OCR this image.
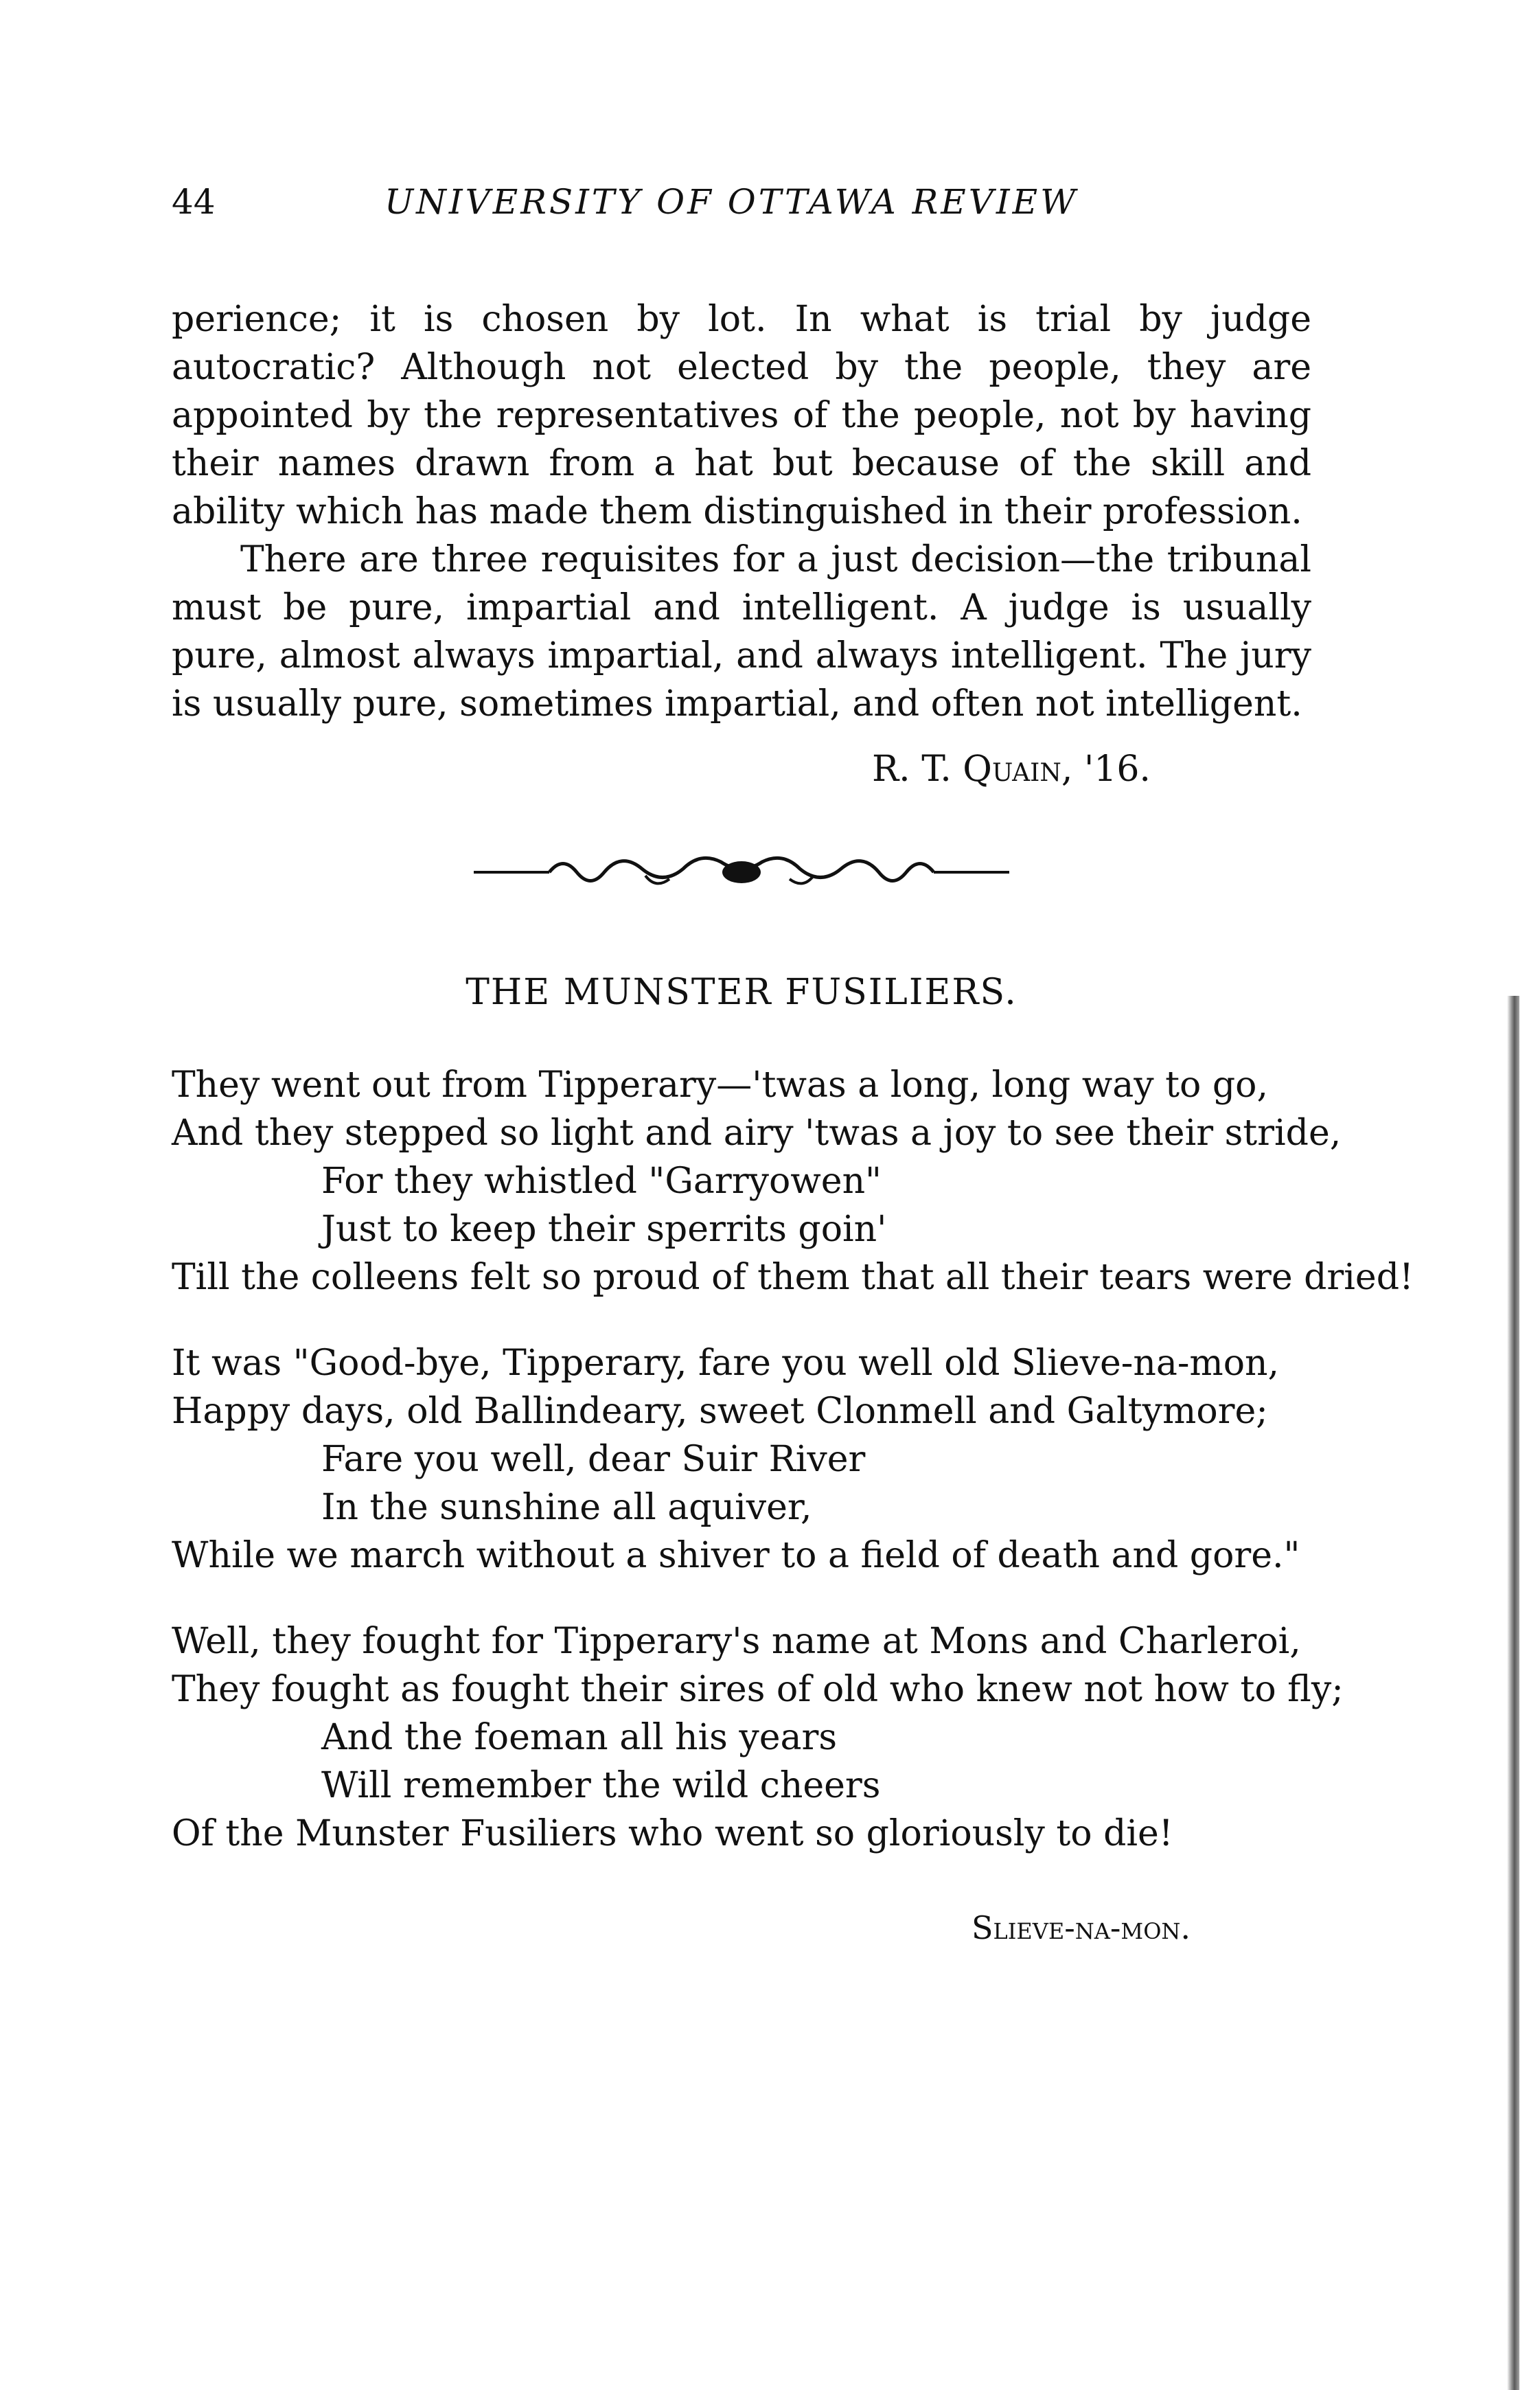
44	UNIVERSITY OF OTTAWA REVIEW

perience; it is chosen by lot. In what is trial by judge autocratic? Although not elected by the people, they are appointed by the representatives of the people, not by having their names drawn from a hat but because of the skill and ability which has made them distinguished in their profession.

There are three requisites for a just decision—the tribunal must be pure, impartial and intelligent. A judge is usually pure, almost always impartial, and always intelligent. The jury is usually pure, sometimes impartial, and often not intelligent.

R. T. Quain, '16.
THE MUNSTER FUSILIERS.
They went out from Tipperary—'twas a long, long way to go,
And they stepped so light and airy 'twas a joy to see their stride,
For they whistled "Garryowen"
Just to keep their sperrits goin'
Till the colleens felt so proud of them that all their tears were dried!
It was "Good-bye, Tipperary, fare you well old Slieve-na-mon,
Happy days, old Ballindeary, sweet Clonmell and Galtymore;
Fare you well, dear Suir River
In the sunshine all aquiver,
While we march without a shiver to a field of death and gore."
Well, they fought for Tipperary's name at Mons and Charleroi,
They fought as fought their sires of old who knew not how to fly;
And the foeman all his years
Will remember the wild cheers
Of the Munster Fusiliers who went so gloriously to die!
Slieve-na-mon.
